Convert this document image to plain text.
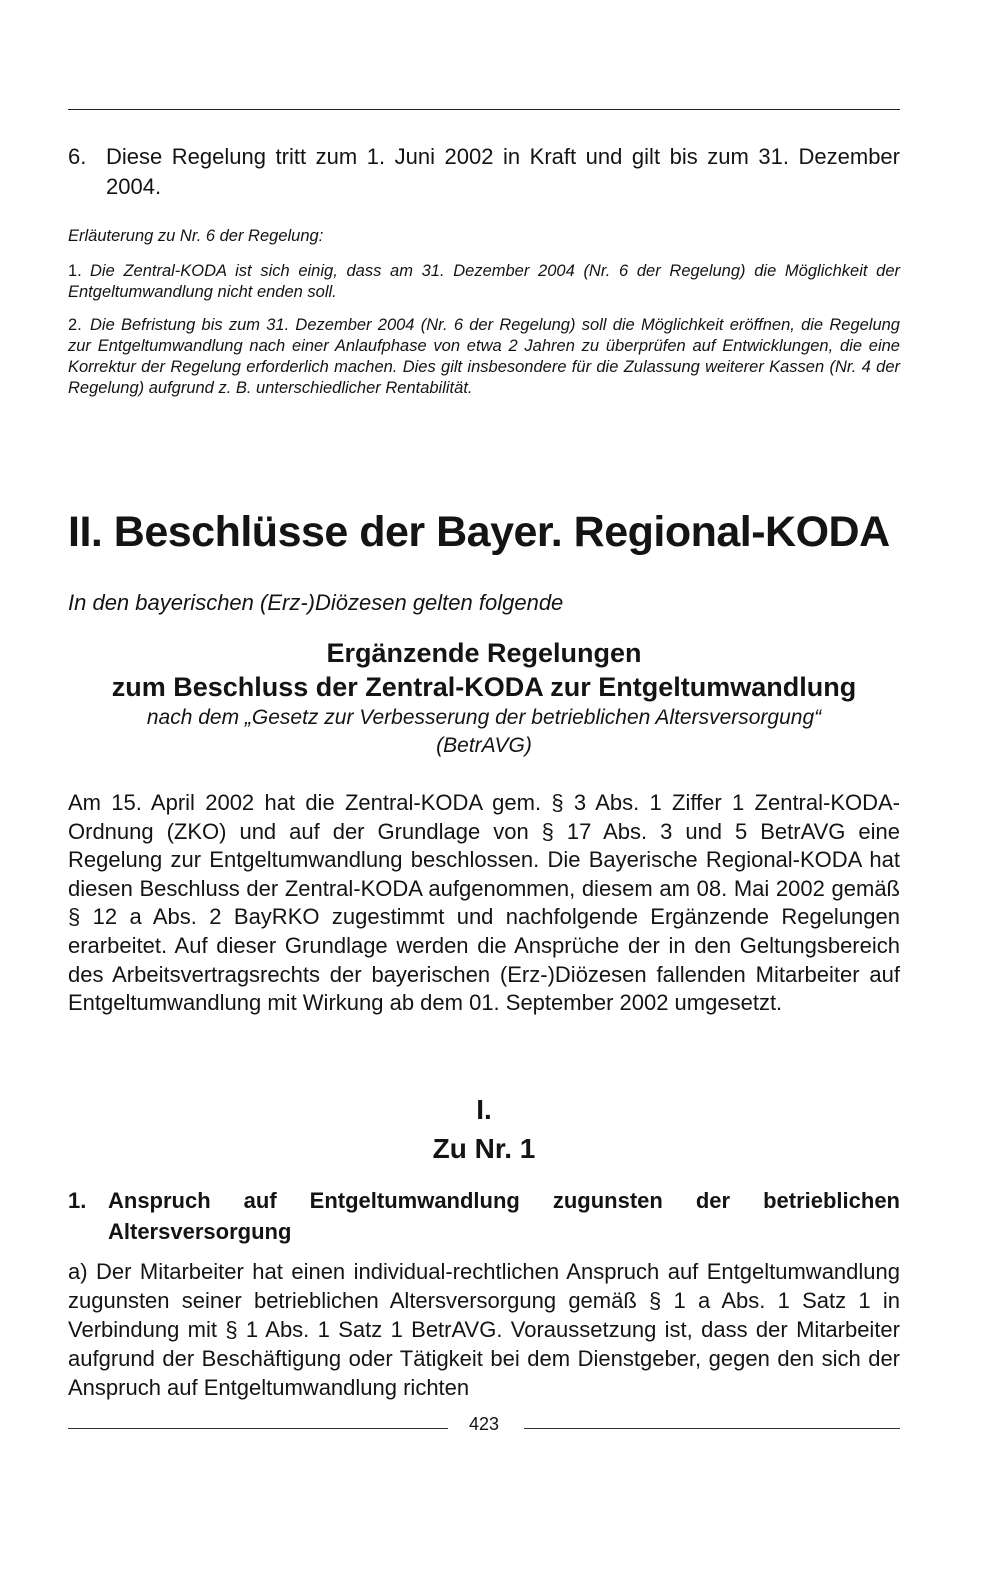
6. Diese Regelung tritt zum 1. Juni 2002 in Kraft und gilt bis zum 31. Dezember 2004.
Erläuterung zu Nr. 6 der Regelung:
1. Die Zentral-KODA ist sich einig, dass am 31. Dezember 2004 (Nr. 6 der Regelung) die Möglichkeit der Entgeltumwandlung nicht enden soll.
2. Die Befristung bis zum 31. Dezember 2004 (Nr. 6 der Regelung) soll die Möglichkeit eröffnen, die Regelung zur Entgeltumwandlung nach einer Anlaufphase von etwa 2 Jahren zu überprüfen auf Entwicklungen, die eine Korrektur der Regelung erforderlich machen. Dies gilt insbesondere für die Zulassung weiterer Kassen (Nr. 4 der Regelung) aufgrund z. B. unterschiedlicher Rentabilität.
II. Beschlüsse der Bayer. Regional-KODA
In den bayerischen (Erz-)Diözesen gelten folgende
Ergänzende Regelungen
zum Beschluss der Zentral-KODA zur Entgeltumwandlung
nach dem „Gesetz zur Verbesserung der betrieblichen Altersversorgung“
(BetrAVG)
Am 15. April 2002 hat die Zentral-KODA gem. § 3 Abs. 1 Ziffer 1 Zentral-KODA-Ordnung (ZKO) und auf der Grundlage von § 17 Abs. 3 und 5 BetrAVG eine Regelung zur Entgeltumwandlung beschlossen. Die Bayerische Regional-KODA hat diesen Beschluss der Zentral-KODA aufgenommen, diesem am 08. Mai 2002 gemäß § 12 a Abs. 2 BayRKO zugestimmt und nachfolgende Ergänzende Regelungen erarbeitet. Auf dieser Grundlage werden die Ansprüche der in den Geltungsbereich des Arbeitsvertragsrechts der bayerischen (Erz-)Diözesen fallenden Mitarbeiter auf Entgeltumwandlung mit Wirkung ab dem 01. September 2002 umgesetzt.
I.
Zu Nr. 1
1. Anspruch auf Entgeltumwandlung zugunsten der betrieblichen Altersversorgung
a) Der Mitarbeiter hat einen individual-rechtlichen Anspruch auf Entgeltumwandlung zugunsten seiner betrieblichen Altersversorgung gemäß § 1 a Abs. 1 Satz 1 in Verbindung mit § 1 Abs. 1 Satz 1 BetrAVG. Voraussetzung ist, dass der Mitarbeiter aufgrund der Beschäftigung oder Tätigkeit bei dem Dienstgeber, gegen den sich der Anspruch auf Entgeltumwandlung richten
423
